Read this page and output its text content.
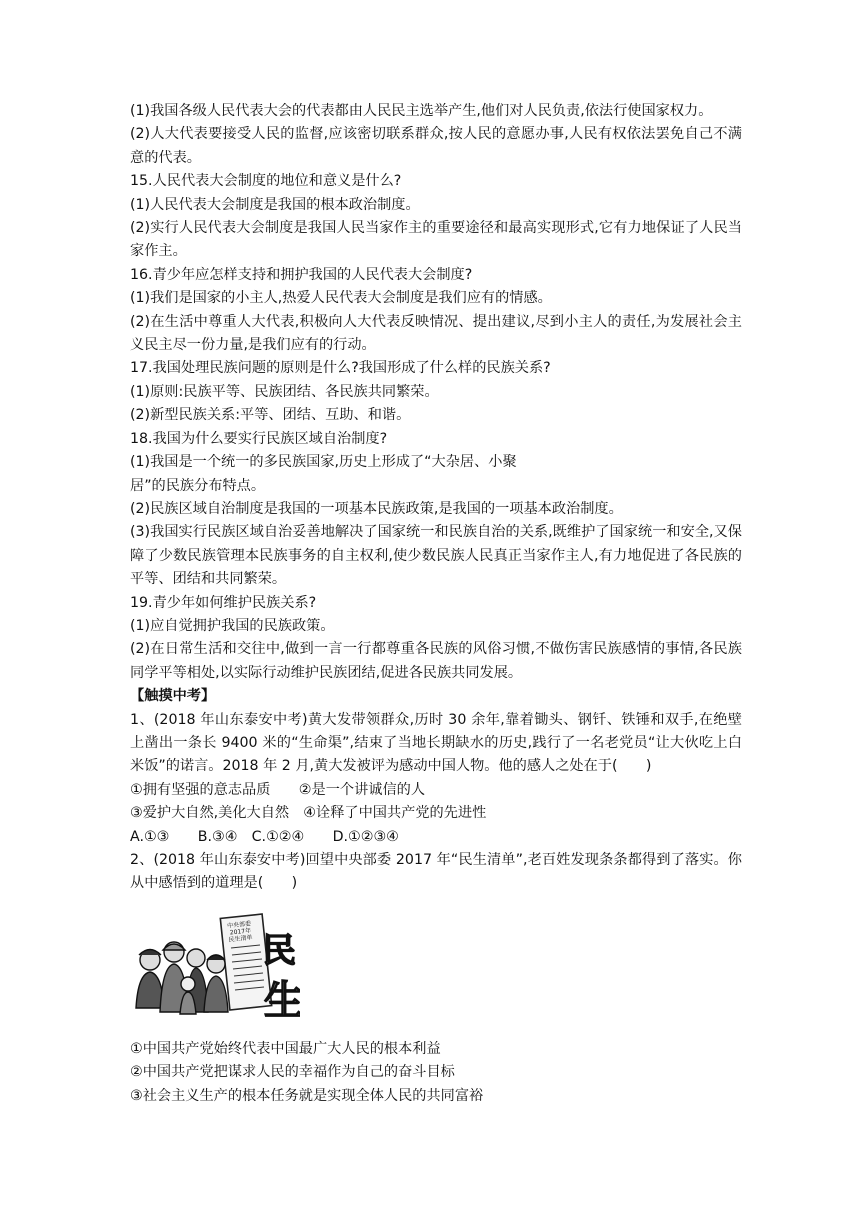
(1)我国各级人民代表大会的代表都由人民民主选举产生,他们对人民负责,依法行使国家权力。

(2)人大代表要接受人民的监督,应该密切联系群众,按人民的意愿办事,人民有权依法罢免自己不满意的代表。

15.人民代表大会制度的地位和意义是什么?

(1)人民代表大会制度是我国的根本政治制度。

(2)实行人民代表大会制度是我国人民当家作主的重要途径和最高实现形式,它有力地保证了人民当家作主。

16.青少年应怎样支持和拥护我国的人民代表大会制度?

(1)我们是国家的小主人,热爱人民代表大会制度是我们应有的情感。

(2)在生活中尊重人大代表,积极向人大代表反映情况、提出建议,尽到小主人的责任,为发展社会主义民主尽一份力量,是我们应有的行动。

17.我国处理民族问题的原则是什么?我国形成了什么样的民族关系?

(1)原则:民族平等、民族团结、各民族共同繁荣。

(2)新型民族关系:平等、团结、互助、和谐。

18.我国为什么要实行民族区域自治制度?

(1)我国是一个统一的多民族国家,历史上形成了“大杂居、小聚

居”的民族分布特点。

(2)民族区域自治制度是我国的一项基本民族政策,是我国的一项基本政治制度。

(3)我国实行民族区域自治妥善地解决了国家统一和民族自治的关系,既维护了国家统一和安全,又保障了少数民族管理本民族事务的自主权利,使少数民族人民真正当家作主人,有力地促进了各民族的平等、团结和共同繁荣。

19.青少年如何维护民族关系?

(1)应自觉拥护我国的民族政策。

(2)在日常生活和交往中,做到一言一行都尊重各民族的风俗习惯,不做伤害民族感情的事情,各民族同学平等相处,以实际行动维护民族团结,促进各民族共同发展。

【触摸中考】

1、(2018 年山东泰安中考)黄大发带领群众,历时 30 余年,靠着锄头、钢钎、铁锤和双手,在绝壁上凿出一条长 9400 米的“生命渠”,结束了当地长期缺水的历史,践行了一名老党员“让大伙吃上白米饭”的诺言。2018 年 2 月,黄大发被评为感动中国人物。他的感人之处在于(　　)

①拥有坚强的意志品质　　②是一个讲诚信的人

③爱护大自然,美化大自然　④诠释了中国共产党的先进性

A.①③　　B.③④　C.①②④　　D.①②③④

2、(2018 年山东泰安中考)回望中央部委 2017 年“民生清单”,老百姓发现条条都得到了落实。你从中感悟到的道理是(　　)

中央部委
2017年
民生清单 民
生

①中国共产党始终代表中国最广大人民的根本利益

②中国共产党把谋求人民的幸福作为自己的奋斗目标

③社会主义生产的根本任务就是实现全体人民的共同富裕
